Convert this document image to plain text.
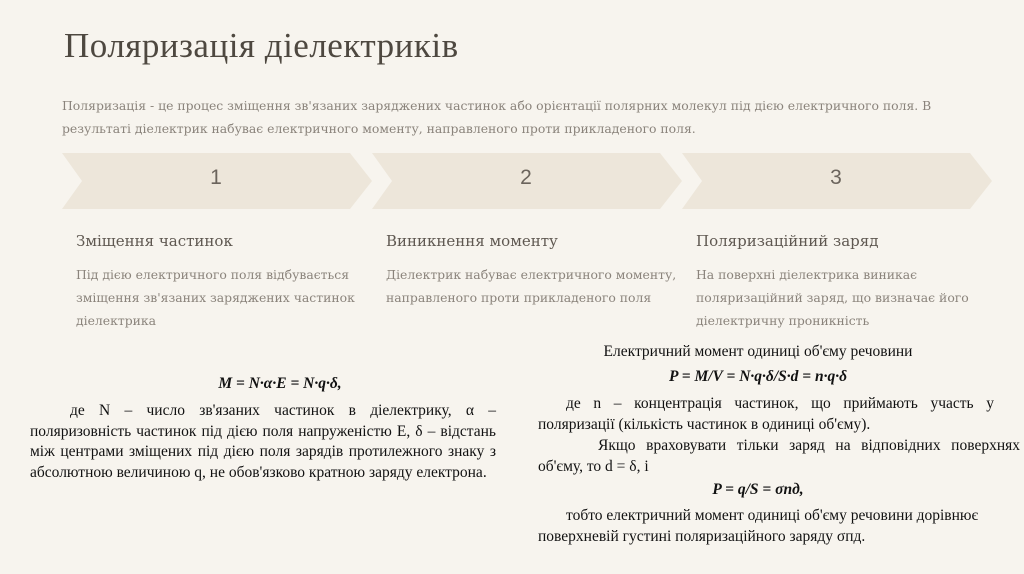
Поляризація діелектриків
Поляризація - це процес зміщення зв'язаних заряджених частинок або орієнтації полярних молекул під дією електричного поля. В результаті діелектрик набуває електричного моменту, направленого проти прикладеного поля.
1	2	3
Зміщення частинок	Виникнення моменту	Поляризаційний заряд
Під дією електричного поля відбувається зміщення зв'язаних заряджених частинок діелектрика
Діелектрик набуває електричного моменту, направленого проти прикладеного поля
На поверхні діелектрика виникає поляризаційний заряд, що визначає його діелектричну проникність
M = N·α·E = N·q·δ,
де N – число зв'язаних частинок в діелектрику, α – поляризовність частинок під дією поля напруженістю E, δ – відстань між центрами зміщених під дією поля зарядів протилежного знаку з абсолютною величиною q, не обов'язково кратною заряду електрона.
Електричний момент одиниці об'єму речовини
P = M/V = N·q·δ/S·d = n·q·δ
де n – концентрація частинок, що приймають участь у поляризації (кількість частинок в одиниці об'єму).
Якщо враховувати тільки заряд на відповідних поверхнях об'єму, то d = δ, і
P = q/S = σпд,
тобто електричний момент одиниці об'єму речовини дорівнює поверхневій густині поляризаційного заряду σпд.
